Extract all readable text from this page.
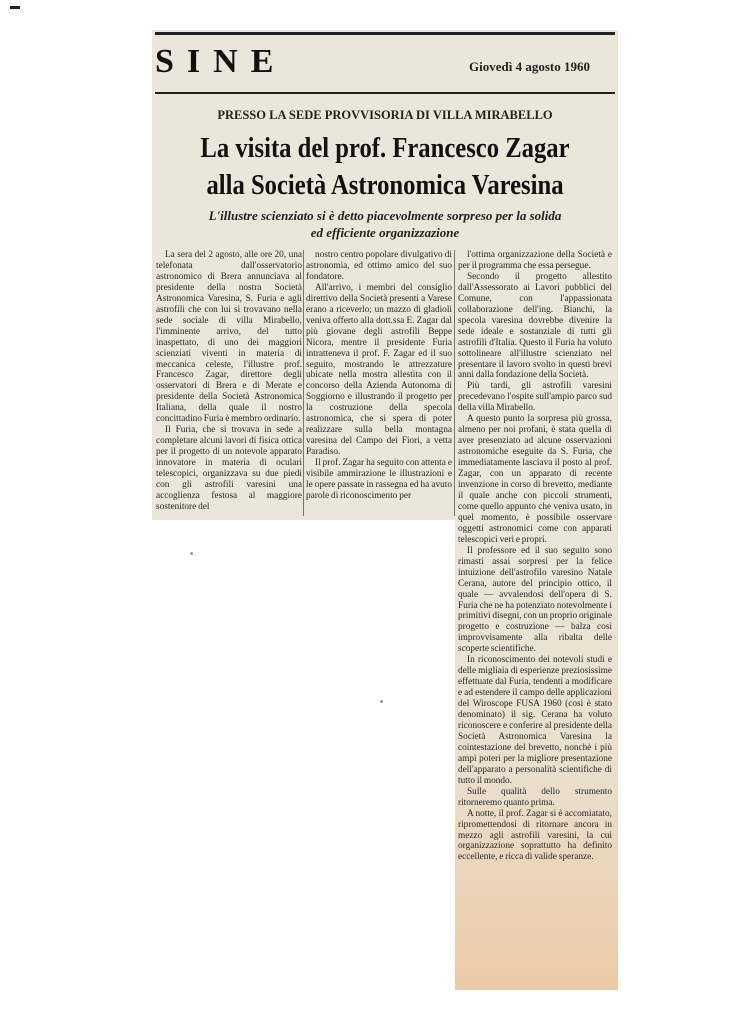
SINE	Giovedì 4 agosto 1960
PRESSO LA SEDE PROVVISORIA DI VILLA MIRABELLO
La visita del prof. Francesco Zagar
alla Società Astronomica Varesina
L'illustre scienziato si è detto piacevolmente sorpreso per la solida
ed efficiente organizzazione

La sera del 2 agosto, alle ore 20, una telefonata dall'osservatorio astronomico di Brera annunciava al presidente della nostra Società Astronomica Varesina, S. Furia e agli astrofili che con lui si trovavano nella sede sociale di villa Mirabello, l'imminente arrivo, del tutto inaspettato, di uno dei maggiori scienziati viventi in materia di meccanica celeste, l'illustre prof. Francesco Zagar, direttore degli osservatori di Brera e di Merate e presidente della Società Astronomica Italiana, della quale il nostro concittadino Furia è membro ordinario.

Il Furia, che si trovava in sede a completare alcuni lavori di fisica ottica per il progetto di un notevole apparato innovatore in materia di oculari telescopici, organizzava su due piedi con gli astrofili varesini una accoglienza festosa al maggiore sostenitore del

nostro centro popolare divulgativo di astronomia, ed ottimo amico del suo fondatore.

All'arrivo, i membri del consiglio direttivo della Società presenti a Varese erano a riceverlo; un mazzo di gladioli veniva offerto alla dott.ssa E. Zagar dal più giovane degli astrofili Beppe Nicora, mentre il presidente Furia intratteneva il prof. F. Zagar ed il suo seguito, mostrando le attrezzature ubicate nella mostra allestita con il concorso della Azienda Autonoma di Soggiorno e illustrando il progetto per la costruzione della specola astronomica, che si spera di poter realizzare sulla bella montagna varesina del Campo dei Fiori, a vetta Paradiso.

Il prof. Zagar ha seguito con attenta e visibile ammirazione le illustrazioni e le opere passate in rassegna ed ha avuto parole di riconoscimento per

l'ottima organizzazione della Società e per il programma che essa persegue.

Secondo il progetto allestito dall'Assessorato ai Lavori pubblici del Comune, con l'appassionata collaborazione dell'ing. Bianchi, la specola varesina dovrebbe divenire la sede ideale e sostanziale di tutti gli astrofili d'Italia. Questo il Furia ha voluto sottolineare all'illustre scienziato nel presentare il lavoro svolto in questi brevi anni dalla fondazione della Società.

Più tardi, gli astrofili varesini precedevano l'ospite sull'ampio parco sud della villa Mirabello.

A questo punto la sorpresa più grossa, almeno per noi profani, è stata quella di aver presenziato ad alcune osservazioni astronomiche eseguite da S. Furia, che immediatamente lasciava il posto al prof. Zagar, con un apparato di recente invenzione in corso di brevetto, mediante il quale anche con piccoli strumenti, come quello appunto che veniva usato, in quel momento, è possibile osservare oggetti astronomici come con apparati telescopici veri e propri.

Il professore ed il suo seguito sono rimasti assai sorpresi per la felice intuizione dell'astrofilo varesino Natale Cerana, autore del principio ottico, il quale — avvalendosi dell'opera di S. Furia che ne ha potenziato notevolmente i primitivi disegni, con un proprio originale progetto e costruzione — balza così improvvisamente alla ribalta delle scoperte scientifiche.

In riconoscimento dei notevoli studi e delle migliaia di esperienze preziosissime effettuate dal Furia, tendenti a modificare e ad estendere il campo delle applicazioni del Wiroscope FUSA 1960 (così è stato denominato) il sig. Cerana ha voluto riconoscere e conferire al presidente della Società Astronomica Varesina la cointestazione del brevetto, nonchè i più ampi poteri per la migliore presentazione dell'apparato a personalità scientifiche di tutto il mondo.

Sulle qualità dello strumento ritorneremo quanto prima.

A notte, il prof. Zagar si è accomiatato, ripromettendosi di ritornare ancora in mezzo agli astrofili varesini, la cui organizzazione soprattutto ha definito eccellente, e ricca di valide speranze.
